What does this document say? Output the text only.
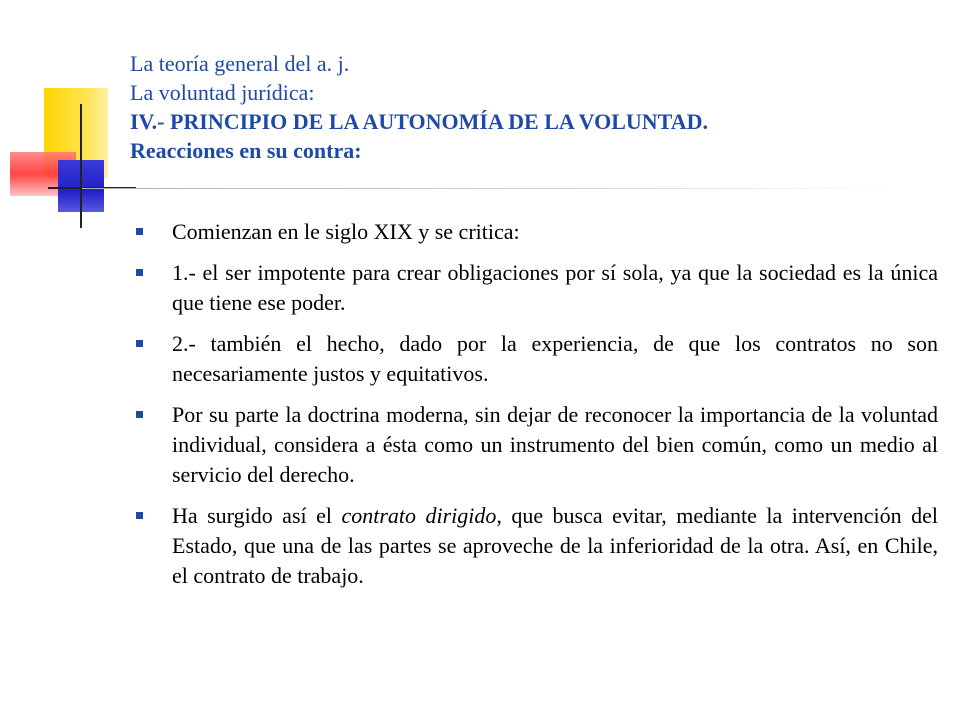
La teoría general del a. j.
La voluntad jurídica:
IV.- PRINCIPIO DE LA AUTONOMÍA DE LA VOLUNTAD.
Reacciones en su contra:
Comienzan en le siglo XIX y se critica:
1.- el ser impotente para crear obligaciones por sí sola, ya que la sociedad es la única que tiene ese poder.
2.- también el hecho, dado por la experiencia, de que los contratos no son necesariamente justos y equitativos.
Por su parte la doctrina moderna, sin dejar de reconocer la importancia de la voluntad individual, considera a ésta como un instrumento del bien común, como un medio al servicio del derecho.
Ha surgido así el contrato dirigido, que busca evitar, mediante la intervención del Estado, que una de las partes se aproveche de la inferioridad de la otra. Así, en Chile, el contrato de trabajo.
